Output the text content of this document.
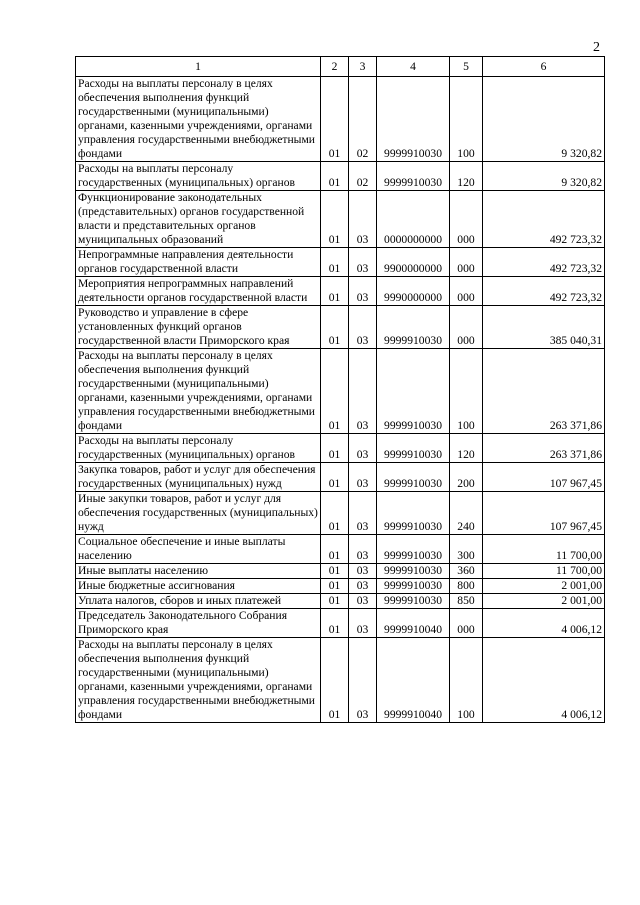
2
1	2	3	4	5	6
Расходы на выплаты персоналу в целях обеспечения выполнения функций государственными (муниципальными) органами, казенными учреждениями, органами управления государственными внебюджетными фондами	01	02	9999910030	100	9 320,82
Расходы на выплаты персоналу государственных (муниципальных) органов	01	02	9999910030	120	9 320,82
Функционирование законодательных (представительных) органов государственной власти и представительных органов муниципальных образований	01	03	0000000000	000	492 723,32
Непрограммные направления деятельности органов государственной власти	01	03	9900000000	000	492 723,32
Мероприятия непрограммных направлений деятельности органов государственной власти	01	03	9990000000	000	492 723,32
Руководство и управление в сфере установленных функций органов государственной власти Приморского края	01	03	9999910030	000	385 040,31
Расходы на выплаты персоналу в целях обеспечения выполнения функций государственными (муниципальными) органами, казенными учреждениями, органами управления государственными внебюджетными фондами	01	03	9999910030	100	263 371,86
Расходы на выплаты персоналу государственных (муниципальных) органов	01	03	9999910030	120	263 371,86
Закупка товаров, работ и услуг для обеспечения государственных (муниципальных) нужд	01	03	9999910030	200	107 967,45
Иные закупки товаров, работ и услуг для обеспечения государственных (муниципальных) нужд	01	03	9999910030	240	107 967,45
Социальное обеспечение и иные выплаты населению	01	03	9999910030	300	11 700,00
Иные выплаты населению	01	03	9999910030	360	11 700,00
Иные бюджетные ассигнования	01	03	9999910030	800	2 001,00
Уплата налогов, сборов и иных платежей	01	03	9999910030	850	2 001,00
Председатель Законодательного Собрания Приморского края	01	03	9999910040	000	4 006,12
Расходы на выплаты персоналу в целях обеспечения выполнения функций государственными (муниципальными) органами, казенными учреждениями, органами управления государственными внебюджетными фондами	01	03	9999910040	100	4 006,12
